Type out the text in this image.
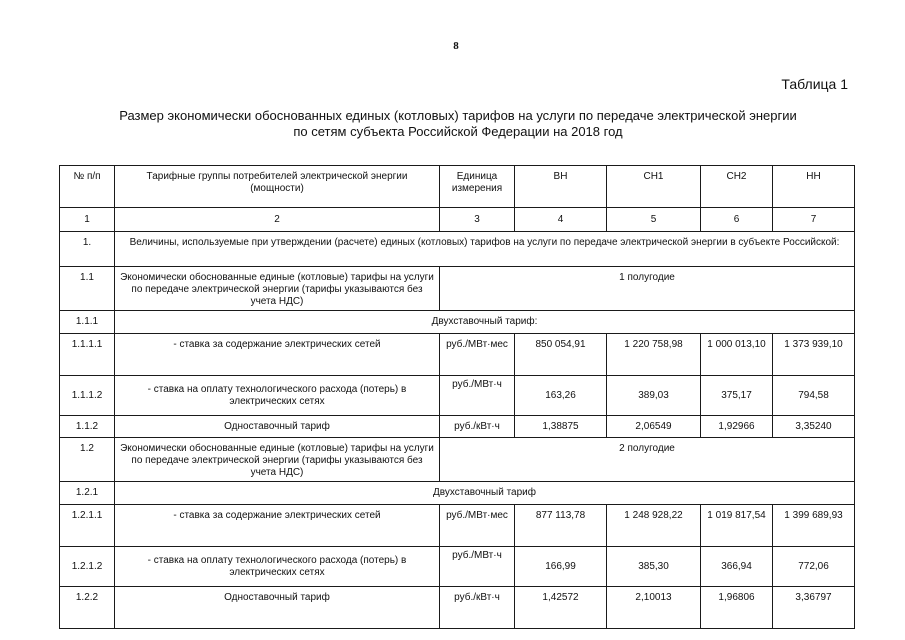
8
Таблица 1
Размер экономически обоснованных единых (котловых) тарифов на услуги по передаче электрической энергии
по сетям субъекта Российской Федерации на 2018 год
№ п/п	Тарифные группы потребителей электрической энергии (мощности)	Единица измерения	ВН	СН1	СН2	НН
1	2	3	4	5	6	7
1.	Величины, используемые при утверждении (расчете) единых (котловых) тарифов на услуги по передаче электрической энергии в субъекте Российской:					
1.1	Экономически обоснованные единые (котловые) тарифы на услуги по передаче электрической энергии (тарифы указываются без учета НДС)	1 полугодие				
1.1.1	Двухставочный тариф:					
1.1.1.1	- ставка за содержание электрических сетей	руб./МВт·мес	850 054,91	1 220 758,98	1 000 013,10	1 373 939,10
1.1.1.2	- ставка на оплату технологического расхода (потерь) в электрических сетях	руб./МВт·ч	163,26	389,03	375,17	794,58
1.1.2	Одноставочный тариф	руб./кВт·ч	1,38875	2,06549	1,92966	3,35240
1.2	Экономически обоснованные единые (котловые) тарифы на услуги по передаче электрической энергии (тарифы указываются без учета НДС)	2 полугодие				
1.2.1	Двухставочный тариф					
1.2.1.1	- ставка за содержание электрических сетей	руб./МВт·мес	877 113,78	1 248 928,22	1 019 817,54	1 399 689,93
1.2.1.2	- ставка на оплату технологического расхода (потерь) в электрических сетях	руб./МВт·ч	166,99	385,30	366,94	772,06
1.2.2	Одноставочный тариф	руб./кВт·ч	1,42572	2,10013	1,96806	3,36797
